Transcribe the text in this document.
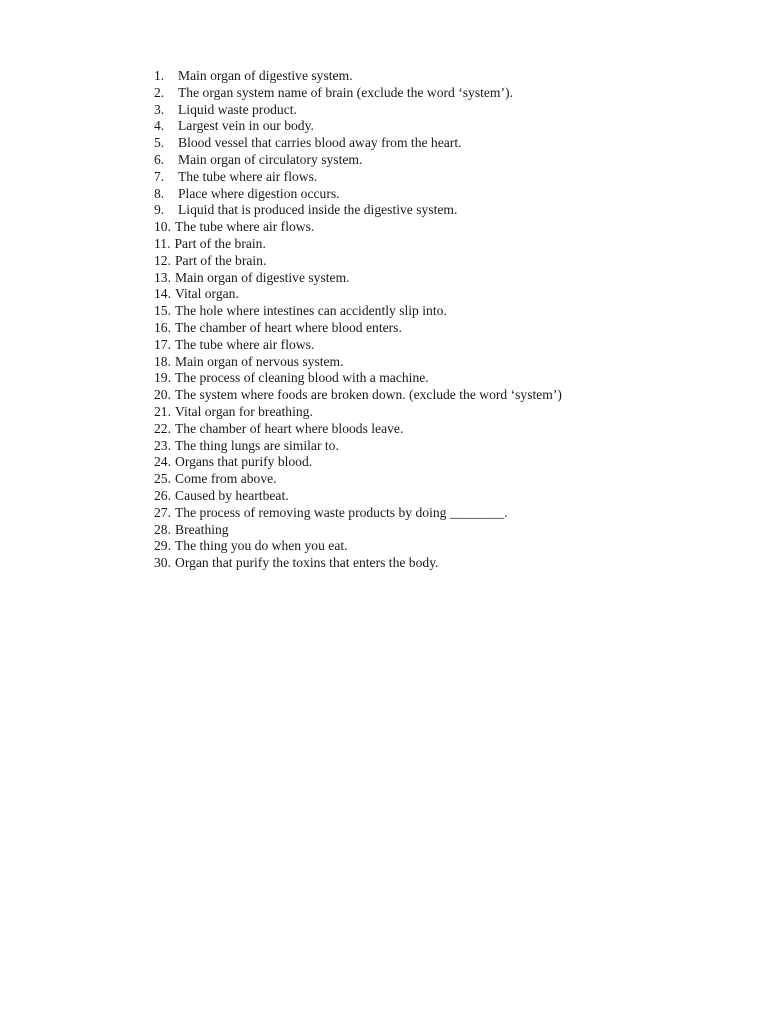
1.	Main organ of digestive system.
2.	The organ system name of brain (exclude the word ‘system’).
3.	Liquid waste product.
4.	Largest vein in our body.
5.	Blood vessel that carries blood away from the heart.
6.	Main organ of circulatory system.
7.	The tube where air flows.
8.	Place where digestion occurs.
9.	Liquid that is produced inside the digestive system.
10. The tube where air flows.
11. Part of the brain.
12. Part of the brain.
13. Main organ of digestive system.
14. Vital organ.
15. The hole where intestines can accidently slip into.
16. The chamber of heart where blood enters.
17. The tube where air flows.
18. Main organ of nervous system.
19. The process of cleaning blood with a machine.
20. The system where foods are broken down. (exclude the word ‘system’)
21. Vital organ for breathing.
22. The chamber of heart where bloods leave.
23. The thing lungs are similar to.
24. Organs that purify blood.
25. Come from above.
26. Caused by heartbeat.
27. The process of removing waste products by doing ________.
28. Breathing
29. The thing you do when you eat.
30. Organ that purify the toxins that enters the body.
